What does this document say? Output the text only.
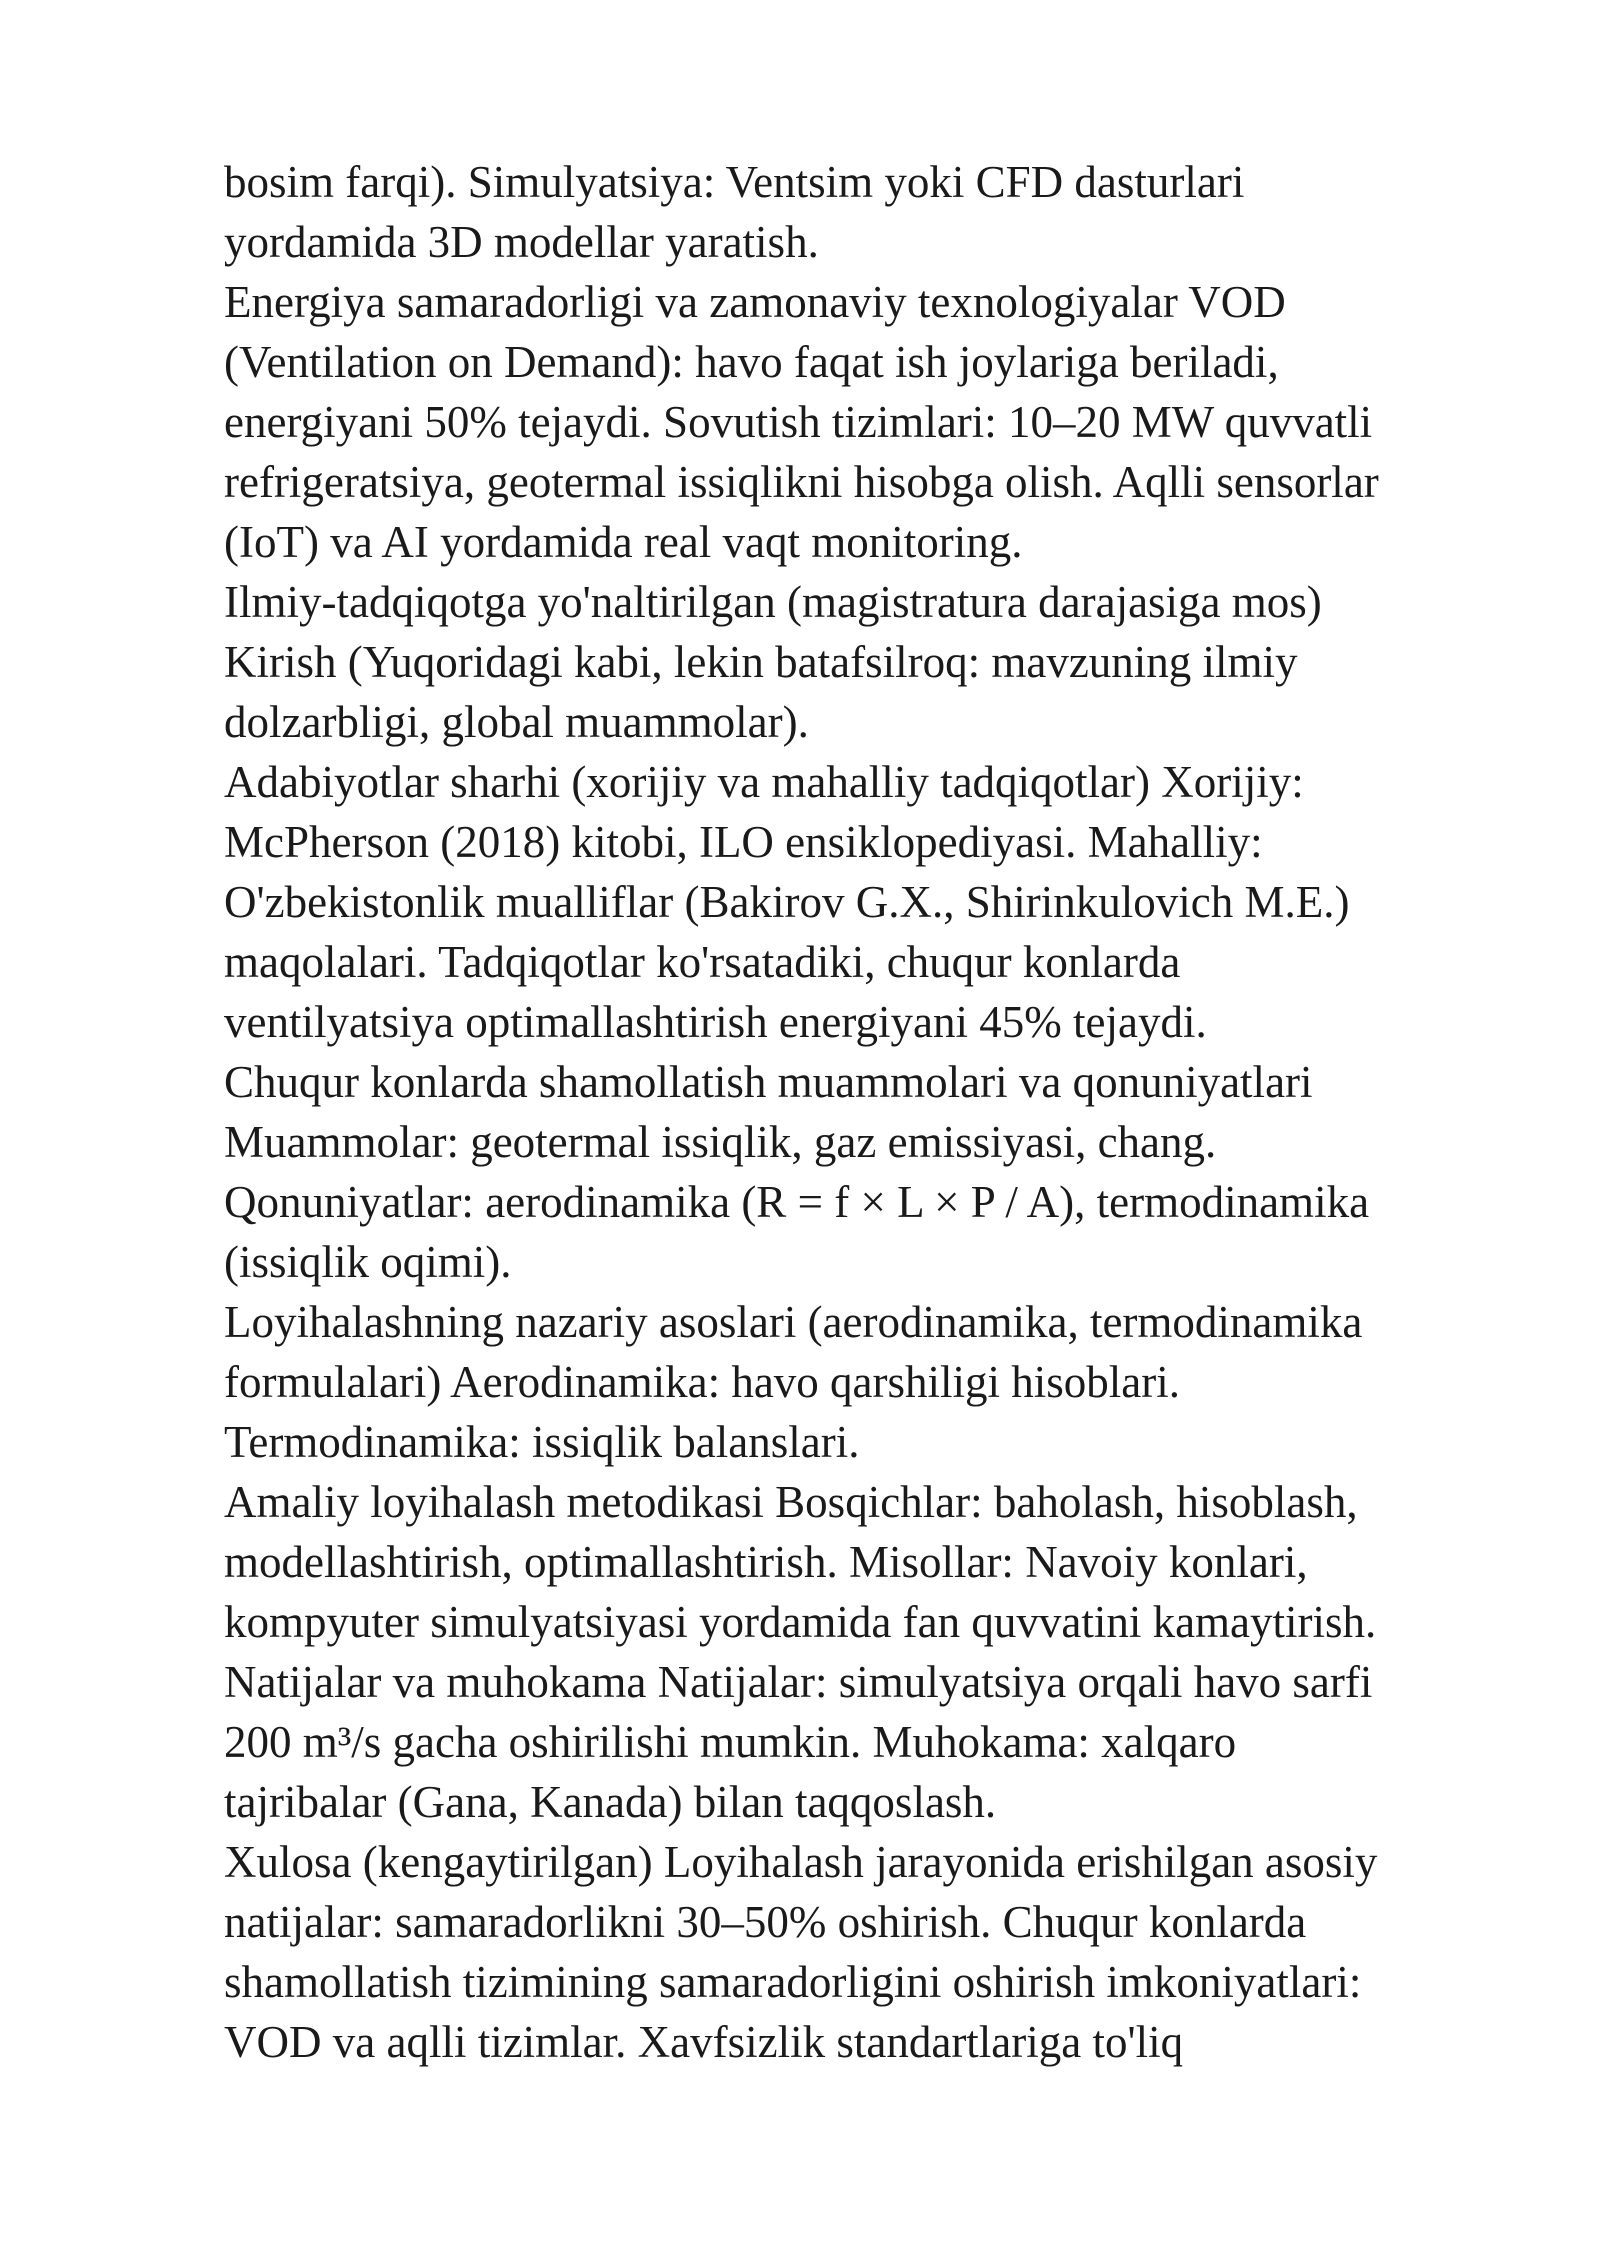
bosim farqi). Simulyatsiya: Ventsim yoki CFD dasturlari
yordamida 3D modellar yaratish.
Energiya samaradorligi va zamonaviy texnologiyalar VOD
(Ventilation on Demand): havo faqat ish joylariga beriladi,
energiyani 50% tejaydi. Sovutish tizimlari: 10–20 MW quvvatli
refrigeratsiya, geotermal issiqlikni hisobga olish. Aqlli sensorlar
(IoT) va AI yordamida real vaqt monitoring.
Ilmiy-tadqiqotga yo'naltirilgan (magistratura darajasiga mos)
Kirish (Yuqoridagi kabi, lekin batafsilroq: mavzuning ilmiy
dolzarbligi, global muammolar).
Adabiyotlar sharhi (xorijiy va mahalliy tadqiqotlar) Xorijiy:
McPherson (2018) kitobi, ILO ensiklopediyasi. Mahalliy:
O'zbekistonlik mualliflar (Bakirov G.X., Shirinkulovich M.E.)
maqolalari. Tadqiqotlar ko'rsatadiki, chuqur konlarda
ventilyatsiya optimallashtirish energiyani 45% tejaydi.
Chuqur konlarda shamollatish muammolari va qonuniyatlari
Muammolar: geotermal issiqlik, gaz emissiyasi, chang.
Qonuniyatlar: aerodinamika (R = f × L × P / A), termodinamika
(issiqlik oqimi).
Loyihalashning nazariy asoslari (aerodinamika, termodinamika
formulalari) Aerodinamika: havo qarshiligi hisoblari.
Termodinamika: issiqlik balanslari.
Amaliy loyihalash metodikasi Bosqichlar: baholash, hisoblash,
modellashtirish, optimallashtirish. Misollar: Navoiy konlari,
kompyuter simulyatsiyasi yordamida fan quvvatini kamaytirish.
Natijalar va muhokama Natijalar: simulyatsiya orqali havo sarfi
200 m³/s gacha oshirilishi mumkin. Muhokama: xalqaro
tajribalar (Gana, Kanada) bilan taqqoslash.
Xulosa (kengaytirilgan) Loyihalash jarayonida erishilgan asosiy
natijalar: samaradorlikni 30–50% oshirish. Chuqur konlarda
shamollatish tizimining samaradorligini oshirish imkoniyatlari:
VOD va aqlli tizimlar. Xavfsizlik standartlariga to'liq
